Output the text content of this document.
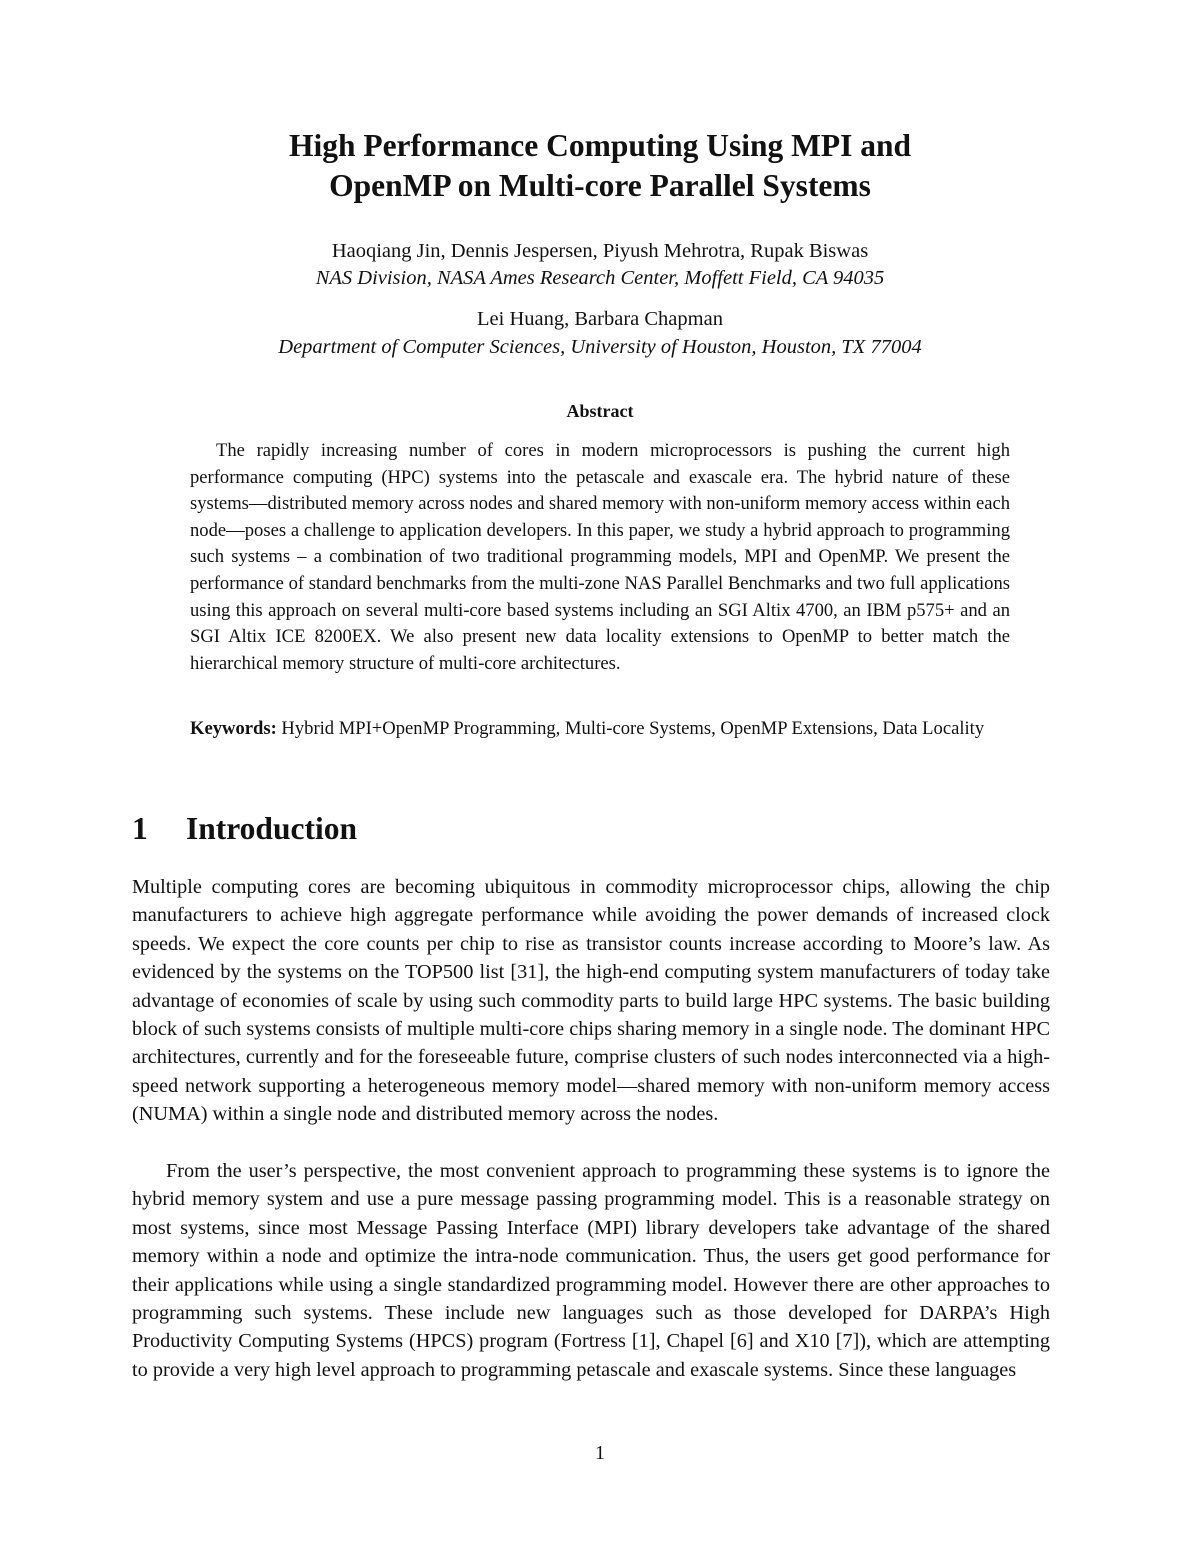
High Performance Computing Using MPI and
OpenMP on Multi-core Parallel Systems
Haoqiang Jin, Dennis Jespersen, Piyush Mehrotra, Rupak Biswas
NAS Division, NASA Ames Research Center, Moffett Field, CA 94035
Lei Huang, Barbara Chapman
Department of Computer Sciences, University of Houston, Houston, TX 77004
Abstract

The rapidly increasing number of cores in modern microprocessors is pushing the current high performance computing (HPC) systems into the petascale and exascale era. The hybrid nature of these systems—distributed memory across nodes and shared memory with non-uniform memory access within each node—poses a challenge to application developers. In this paper, we study a hybrid approach to programming such systems – a combination of two traditional programming models, MPI and OpenMP. We present the performance of standard benchmarks from the multi-zone NAS Parallel Benchmarks and two full applications using this approach on several multi-core based systems including an SGI Altix 4700, an IBM p575+ and an SGI Altix ICE 8200EX. We also present new data locality extensions to OpenMP to better match the hierarchical memory structure of multi-core architectures.

Keywords: Hybrid MPI+OpenMP Programming, Multi-core Systems, OpenMP Extensions, Data Locality

1 Introduction

Multiple computing cores are becoming ubiquitous in commodity microprocessor chips, allowing the chip manufacturers to achieve high aggregate performance while avoiding the power demands of increased clock speeds. We expect the core counts per chip to rise as transistor counts increase according to Moore’s law. As evidenced by the systems on the TOP500 list [31], the high-end computing system manufacturers of today take advantage of economies of scale by using such commodity parts to build large HPC systems. The basic building block of such systems consists of multiple multi-core chips sharing memory in a single node. The dominant HPC architectures, currently and for the foreseeable future, comprise clusters of such nodes interconnected via a high-speed network supporting a heterogeneous memory model—shared memory with non-uniform memory access (NUMA) within a single node and distributed memory across the nodes.

From the user’s perspective, the most convenient approach to programming these systems is to ignore the hybrid memory system and use a pure message passing programming model. This is a reasonable strategy on most systems, since most Message Passing Interface (MPI) library developers take advantage of the shared memory within a node and optimize the intra-node communication. Thus, the users get good performance for their applications while using a single standardized programming model. However there are other approaches to programming such systems. These include new languages such as those developed for DARPA’s High Productivity Computing Systems (HPCS) program (Fortress [1], Chapel [6] and X10 [7]), which are attempting to provide a very high level approach to programming petascale and exascale systems. Since these languages

1
